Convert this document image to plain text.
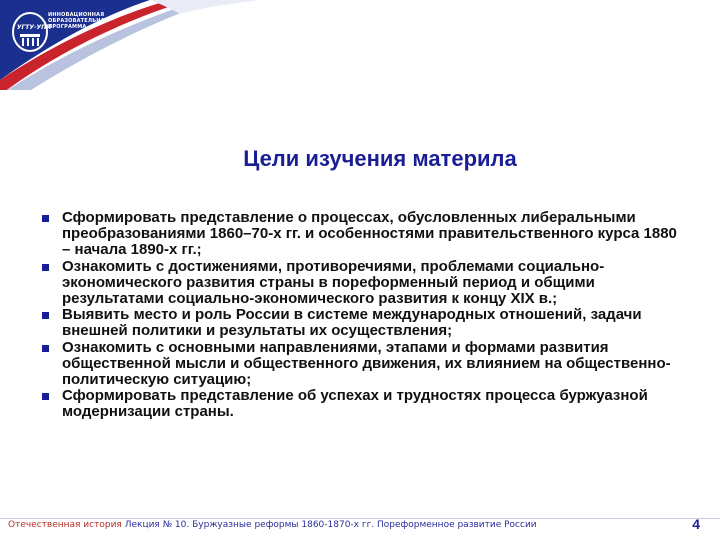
УГТУ-УПИ
ИННОВАЦИОННАЯ
ОБРАЗОВАТЕЛЬНАЯ
ПРОГРАММА
Цели изучения материла
Сформировать представление о процессах, обусловленных либеральными преобразованиями 1860–70-х гг. и особенностями правительственного курса 1880 – начала 1890-х гг.;
Ознакомить с достижениями, противоречиями, проблемами социально-экономического развития страны в пореформенный период и общими результатами социально-экономического развития к концу XIX в.;
Выявить место и роль России в системе международных отношений, задачи внешней политики и результаты их осуществления;
Ознакомить с основными направлениями, этапами и формами развития общественной мысли и общественного движения, их влиянием на общественно-политическую ситуацию;
Сформировать представление об успехах и трудностях процесса буржуазной модернизации страны.
Отечественная история Лекция № 10. Буржуазные реформы 1860-1870-х гг. Пореформенное развитие России	4
